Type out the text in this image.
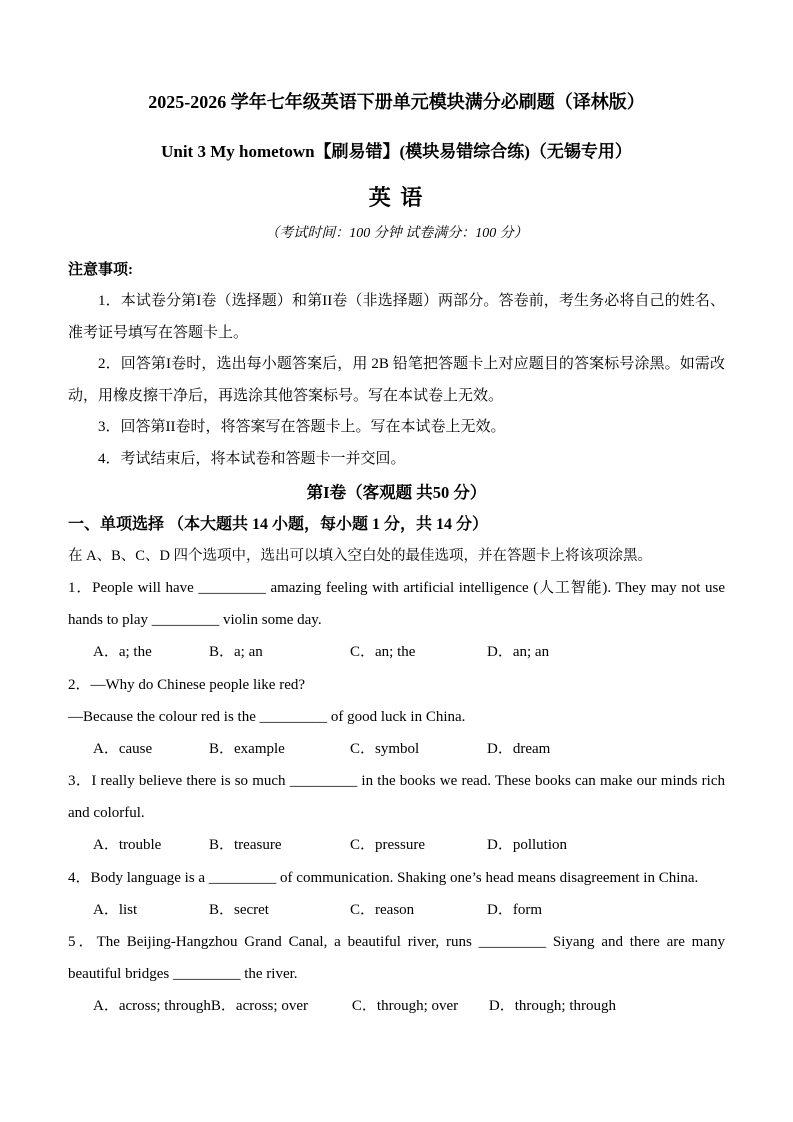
2025-2026 学年七年级英语下册单元模块满分必刷题（译林版）

Unit 3 My hometown【刷易错】(模块易错综合练)（无锡专用）

英 语

（考试时间：100 分钟 试卷满分：100 分）

注意事项:

1．本试卷分第I卷（选择题）和第II卷（非选择题）两部分。答卷前，考生务必将自己的姓名、准考证号填写在答题卡上。

2．回答第I卷时，选出每小题答案后，用 2B 铅笔把答题卡上对应题目的答案标号涂黑。如需改动，用橡皮擦干净后，再选涂其他答案标号。写在本试卷上无效。

3．回答第II卷时，将答案写在答题卡上。写在本试卷上无效。

4．考试结束后，将本试卷和答题卡一并交回。

第I卷（客观题 共50 分）

一、单项选择 （本大题共 14 小题，每小题 1 分，共 14 分）

在 A、B、C、D 四个选项中，选出可以填入空白处的最佳选项，并在答题卡上将该项涂黑。

1．People will have _________ amazing feeling with artificial intelligence (人工智能). They may not use hands to play _________ violin some day.

A．a; the	B．a; an	C．an; the	D．an; an

2．—Why do Chinese people like red?

—Because the colour red is the _________ of good luck in China.

A．cause	B．example	C．symbol	D．dream

3．I really believe there is so much _________ in the books we read. These books can make our minds rich and colorful.

A．trouble	B．treasure	C．pressure	D．pollution

4．Body language is a _________ of communication. Shaking one’s head means disagreement in China.

A．list	B．secret	C．reason	D．form

5．The Beijing-Hangzhou Grand Canal, a beautiful river, runs _________ Siyang and there are many beautiful bridges _________ the river.

A．across; through B．across; over	C．through; over	D．through; through
